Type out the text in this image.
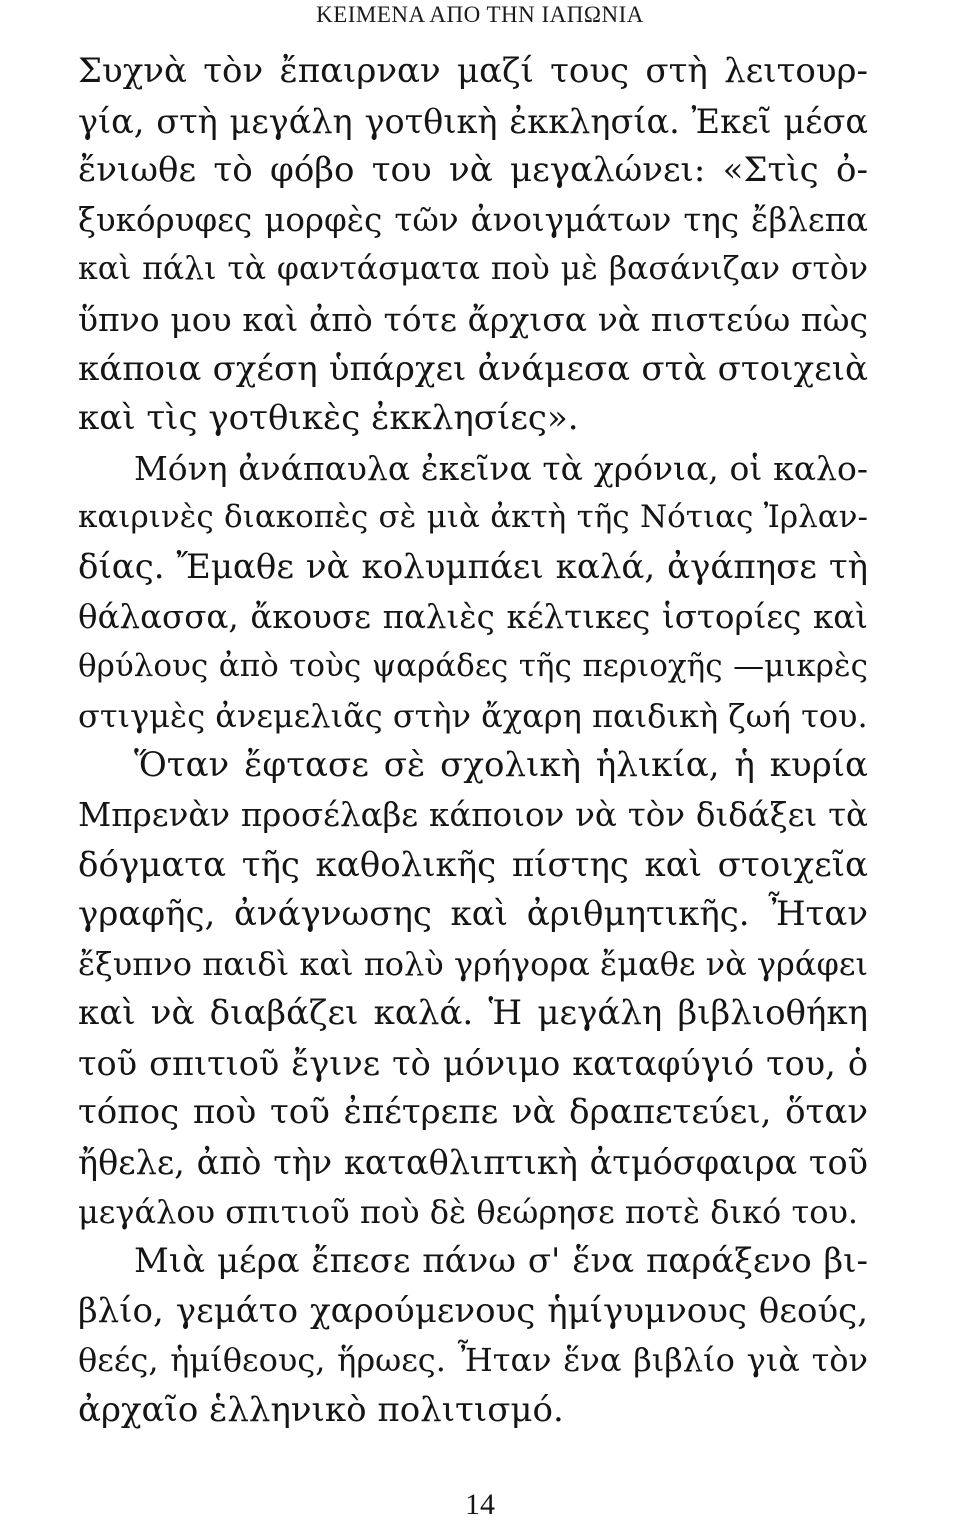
ΚΕΙΜΕΝΑ ΑΠΟ ΤΗΝ ΙΑΠΩΝΙΑ
Συχνὰ τὸν ἔπαιρναν μαζί τους στὴ λειτουρ-
γία, στὴ μεγάλη γοτθικὴ ἐκκλησία. Ἐκεῖ μέσα
ἔνιωθε τὸ φόβο του νὰ μεγαλώνει: «Στὶς ὀ-
ξυκόρυφες μορφὲς τῶν ἀνοιγμάτων της ἔβλεπα
καὶ πάλι τὰ φαντάσματα ποὺ μὲ βασάνιζαν στὸν
ὕπνο μου καὶ ἀπὸ τότε ἄρχισα νὰ πιστεύω πὼς
κάποια σχέση ὑπάρχει ἀνάμεσα στὰ στοιχειὰ
καὶ τὶς γοτθικὲς ἐκκλησίες».
Μόνη ἀνάπαυλα ἐκεῖνα τὰ χρόνια, οἱ καλο-
καιρινὲς διακοπὲς σὲ μιὰ ἀκτὴ τῆς Νότιας Ἰρλαν-
δίας. Ἔμαθε νὰ κολυμπάει καλά, ἀγάπησε τὴ
θάλασσα, ἄκουσε παλιὲς κέλτικες ἱστορίες καὶ
θρύλους ἀπὸ τοὺς ψαράδες τῆς περιοχῆς —μικρὲς
στιγμὲς ἀνεμελιᾶς στὴν ἄχαρη παιδικὴ ζωή του.
Ὅταν ἔφτασε σὲ σχολικὴ ἡλικία, ἡ κυρία
Μπρενὰν προσέλαβε κάποιον νὰ τὸν διδάξει τὰ
δόγματα τῆς καθολικῆς πίστης καὶ στοιχεῖα
γραφῆς, ἀνάγνωσης καὶ ἀριθμητικῆς. Ἦταν
ἔξυπνο παιδὶ καὶ πολὺ γρήγορα ἔμαθε νὰ γράφει
καὶ νὰ διαβάζει καλά. Ἡ μεγάλη βιβλιοθήκη
τοῦ σπιτιοῦ ἔγινε τὸ μόνιμο καταφύγιό του, ὁ
τόπος ποὺ τοῦ ἐπέτρεπε νὰ δραπετεύει, ὅταν
ἤθελε, ἀπὸ τὴν καταθλιπτικὴ ἀτμόσφαιρα τοῦ
μεγάλου σπιτιοῦ ποὺ δὲ θεώρησε ποτὲ δικό του.
Μιὰ μέρα ἔπεσε πάνω σ' ἕνα παράξενο βι-
βλίο, γεμάτο χαρούμενους ἡμίγυμνους θεούς,
θεές, ἡμίθεους, ἥρωες. Ἦταν ἕνα βιβλίο γιὰ τὸν
ἀρχαῖο ἑλληνικὸ πολιτισμό.
14
